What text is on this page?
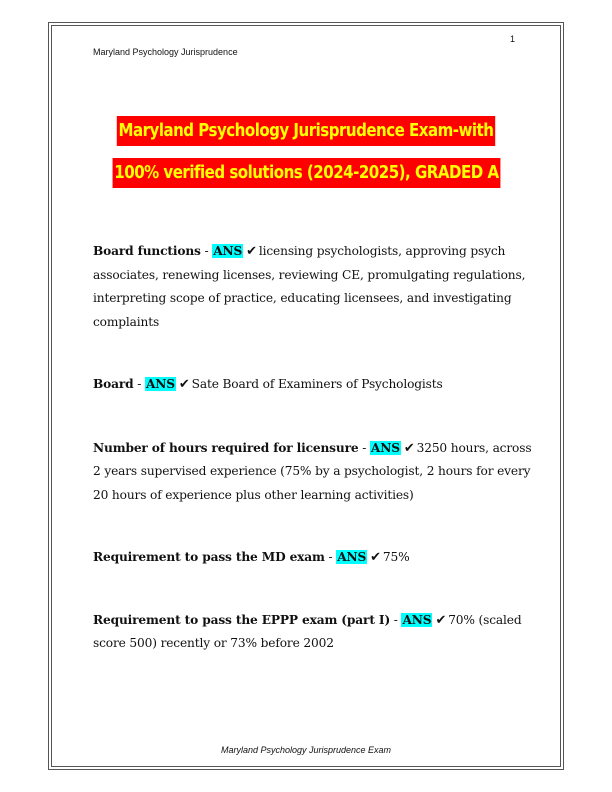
1
Maryland Psychology Jurisprudence
Maryland Psychology Jurisprudence Exam-with
100% verified solutions (2024-2025), GRADED A

Board functions - ANS ✔ licensing psychologists, approving psych associates, renewing licenses, reviewing CE, promulgating regulations, interpreting scope of practice, educating licensees, and investigating complaints

Board - ANS ✔ Sate Board of Examiners of Psychologists

Number of hours required for licensure - ANS ✔ 3250 hours, across 2 years supervised experience (75% by a psychologist, 2 hours for every 20 hours of experience plus other learning activities)

Requirement to pass the MD exam - ANS ✔ 75%

Requirement to pass the EPPP exam (part I) - ANS ✔ 70% (scaled score 500) recently or 73% before 2002

Maryland Psychology Jurisprudence Exam
